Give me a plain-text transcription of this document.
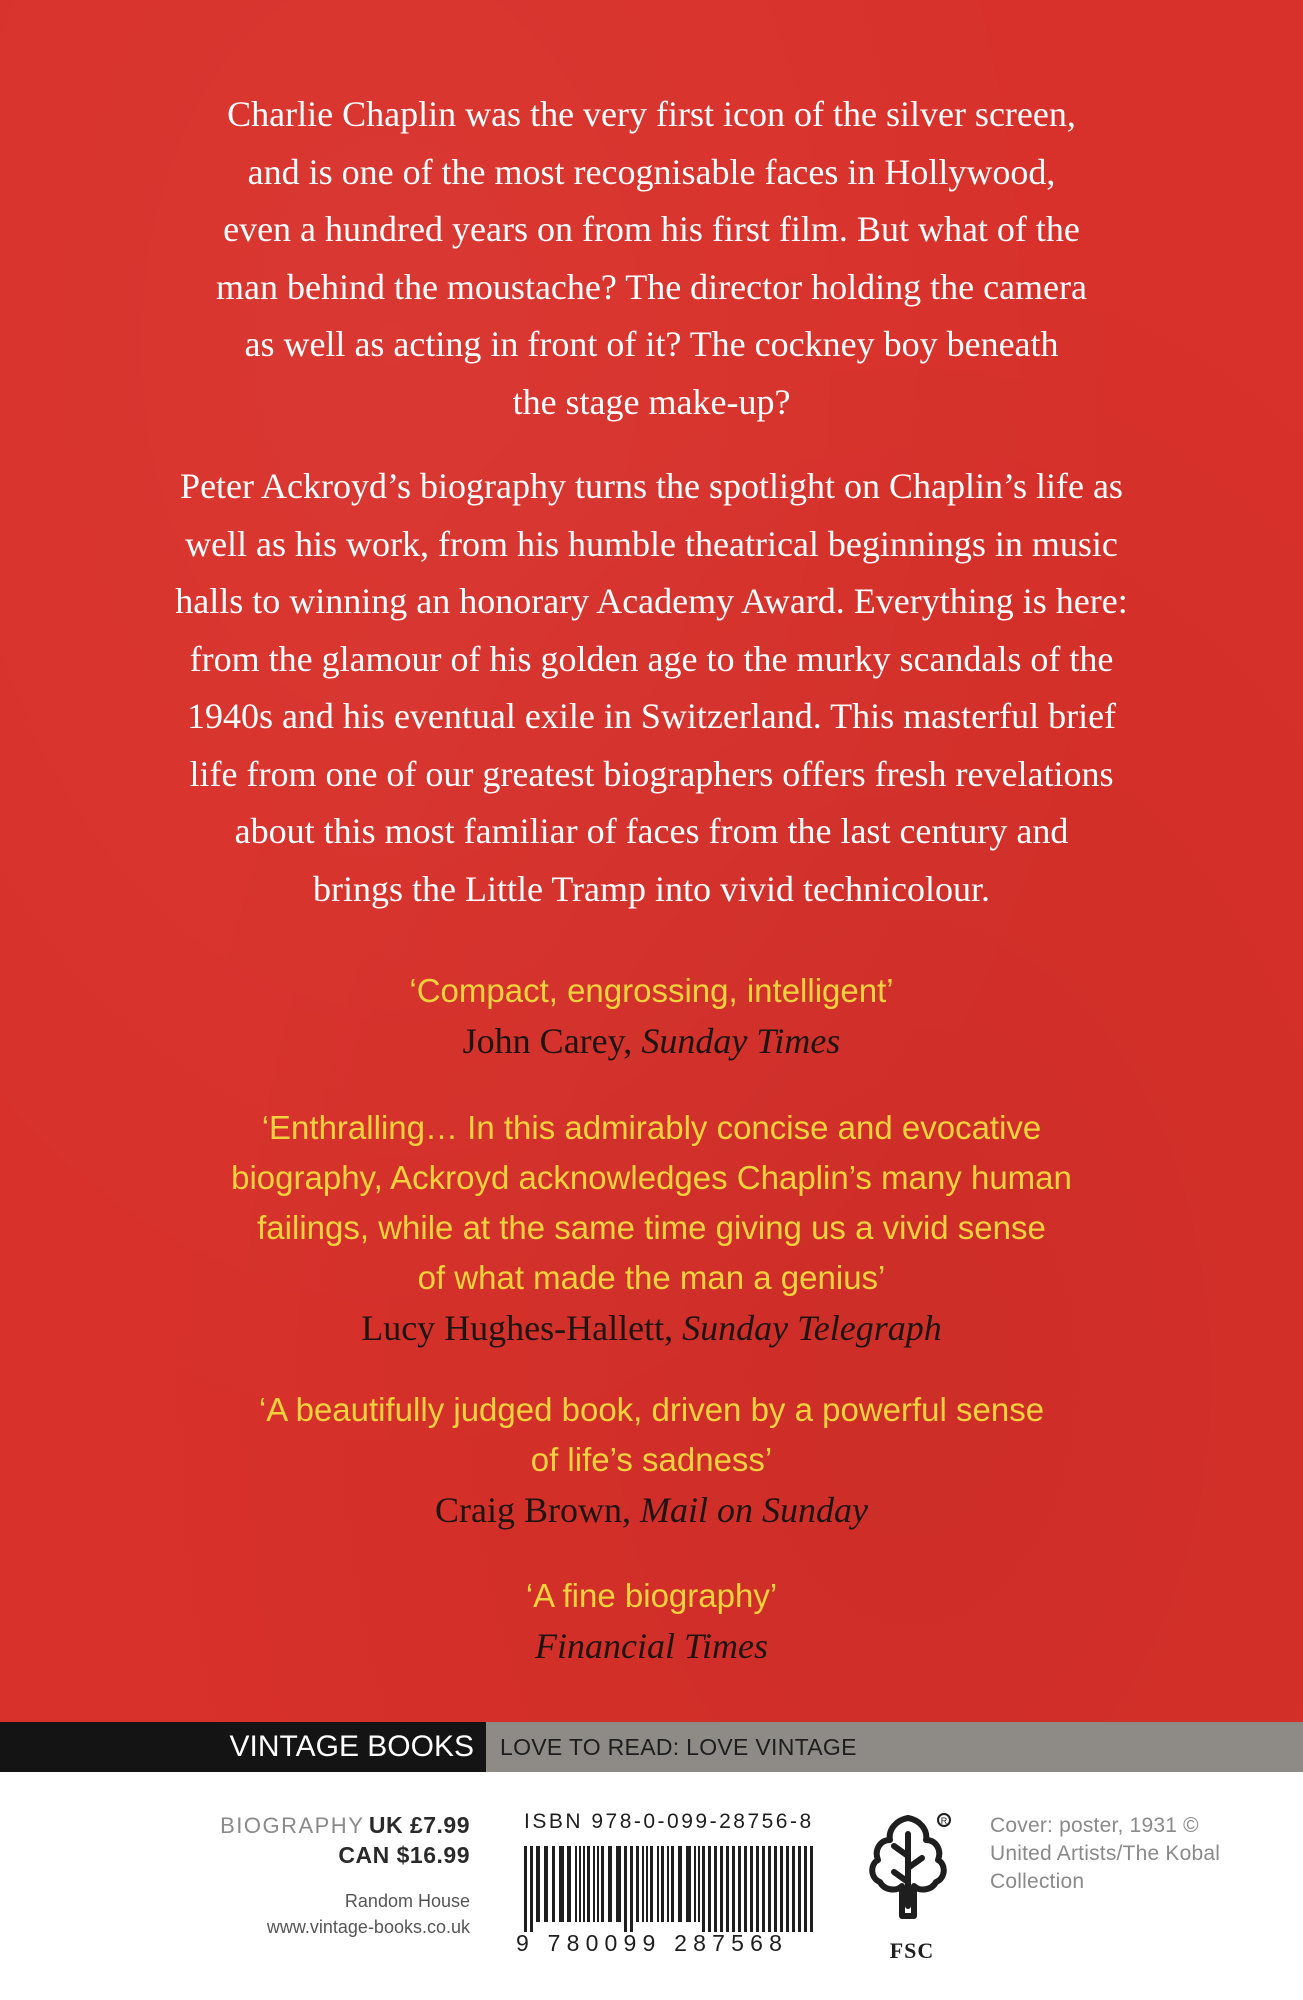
Charlie Chaplin was the very first icon of the silver screen,

and is one of the most recognisable faces in Hollywood,

even a hundred years on from his first film. But what of the

man behind the moustache? The director holding the camera

as well as acting in front of it? The cockney boy beneath

the stage make-up?

Peter Ackroyd’s biography turns the spotlight on Chaplin’s life as

well as his work, from his humble theatrical beginnings in music

halls to winning an honorary Academy Award. Everything is here:

from the glamour of his golden age to the murky scandals of the

1940s and his eventual exile in Switzerland. This masterful brief

life from one of our greatest biographers offers fresh revelations

about this most familiar of faces from the last century and

brings the Little Tramp into vivid technicolour.

‘Compact, engrossing, intelligent’

John Carey, Sunday Times

‘Enthralling… In this admirably concise and evocative

biography, Ackroyd acknowledges Chaplin’s many human

failings, while at the same time giving us a vivid sense

of what made the man a genius’

Lucy Hughes-Hallett, Sunday Telegraph

‘A beautifully judged book, driven by a powerful sense

of life’s sadness’

Craig Brown, Mail on Sunday

‘A fine biography’

Financial Times

VINTAGE BOOKS	LOVE TO READ: LOVE VINTAGE
BIOGRAPHY UK £7.99
CAN $16.99
Random House
www.vintage-books.co.uk
ISBN 978-0-099-28756-8
9 780099 287568
R
FSC
Cover: poster, 1931 ©
United Artists/The Kobal
Collection
